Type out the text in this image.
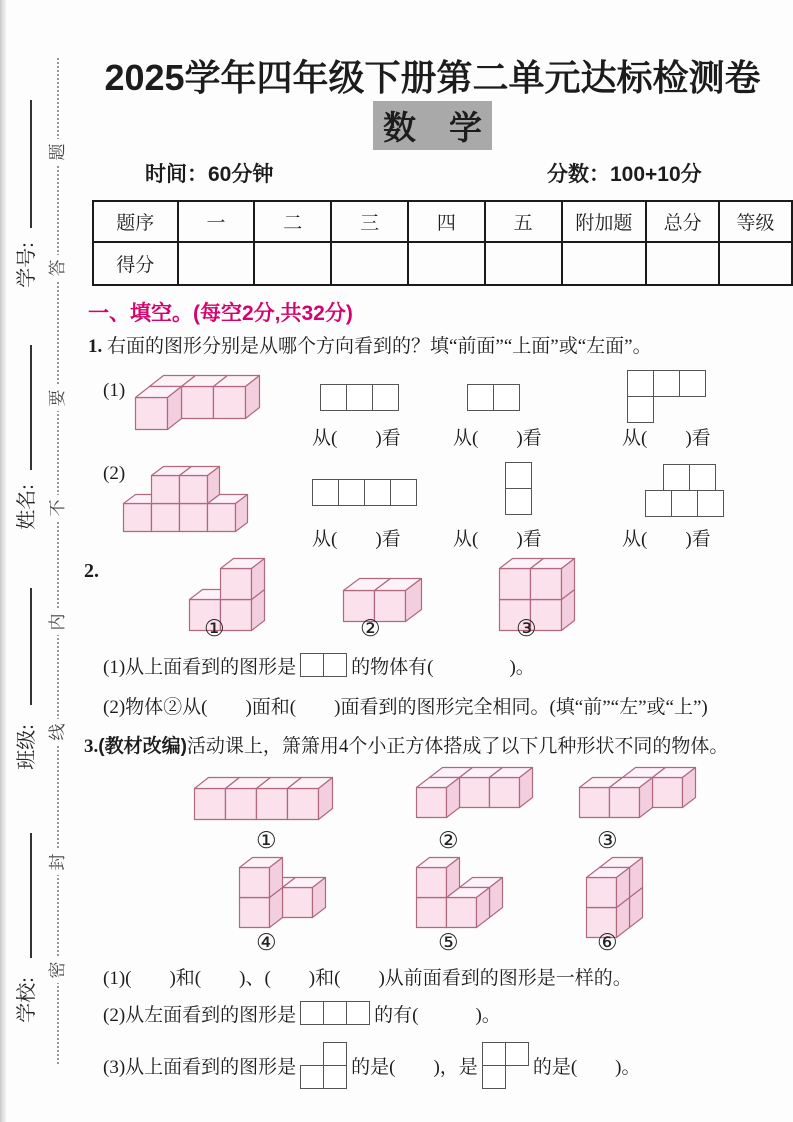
题
答
要
不
内
线
封
密
学号:
姓名:
班级:
学校:
2025学年四年级下册第二单元达标检测卷
数　学
时间：60分钟	分数：100+10分
题序	一	二	三	四	五	附加题	总分	等级
得分								
一、填空。(每空2分,共32分)
1. 右面的图形分别是从哪个方向看到的？填“前面”“上面”或“左面”。
(1)
从(　　)看	从(　　)看	从(　　)看
(2)
从(　　)看	从(　　)看	从(　　)看
2.
①	②	③
(1)从上面看到的图形是	的物体有(　　　　)。
(2)物体②从(　　)面和(　　)面看到的图形完全相同。(填“前”“左”或“上”)
3.(教材改编)活动课上，箫箫用4个小正方体搭成了以下几种形状不同的物体。
①	②	③
④	⑤	⑥
(1)(　　)和(　　)、(　　)和(　　)从前面看到的图形是一样的。
(2)从左面看到的图形是	的有(　　　)。
(3)从上面看到的图形是	的是(　　)，是	的是(　　)。
